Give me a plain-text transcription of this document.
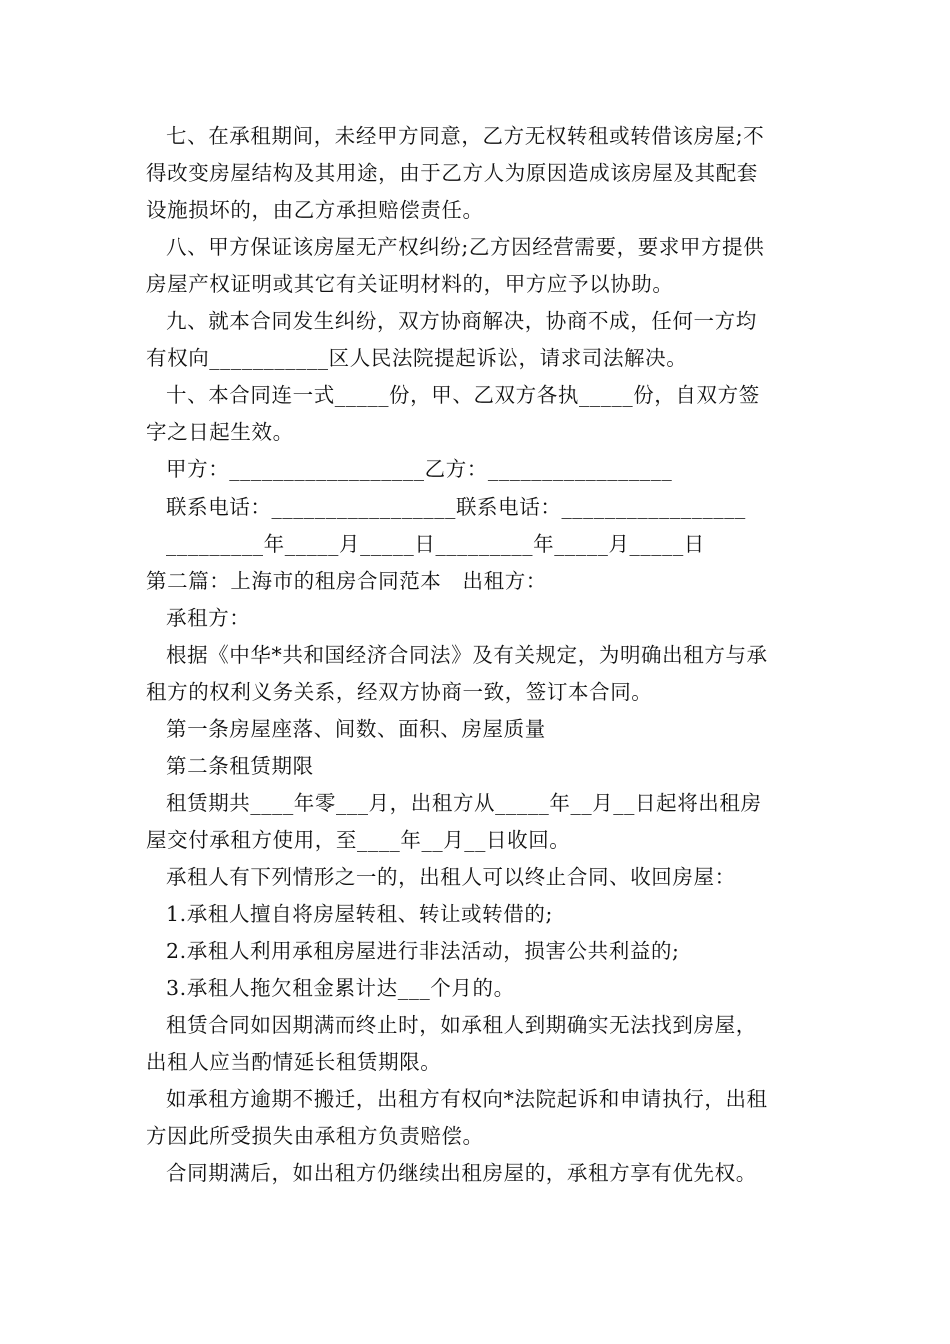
七、在承租期间，未经甲方同意，乙方无权转租或转借该房屋;不
得改变房屋结构及其用途，由于乙方人为原因造成该房屋及其配套
设施损坏的，由乙方承担赔偿责任。
八、甲方保证该房屋无产权纠纷;乙方因经营需要，要求甲方提供
房屋产权证明或其它有关证明材料的，甲方应予以协助。
九、就本合同发生纠纷，双方协商解决，协商不成，任何一方均
有权向___________区人民法院提起诉讼，请求司法解决。
十、本合同连一式_____份，甲、乙双方各执_____份，自双方签
字之日起生效。
甲方：__________________乙方：_________________
联系电话：_________________联系电话：_________________
_________年_____月_____日_________年_____月_____日
第二篇：上海市的租房合同范本　出租方：
承租方：
根据《中华*共和国经济合同法》及有关规定，为明确出租方与承
租方的权利义务关系，经双方协商一致，签订本合同。
第一条房屋座落、间数、面积、房屋质量
第二条租赁期限
租赁期共____年零___月，出租方从_____年__月__日起将出租房
屋交付承租方使用，至____年__月__日收回。
承租人有下列情形之一的，出租人可以终止合同、收回房屋：
1.承租人擅自将房屋转租、转让或转借的;
2.承租人利用承租房屋进行非法活动，损害公共利益的;
3.承租人拖欠租金累计达___个月的。
租赁合同如因期满而终止时，如承租人到期确实无法找到房屋，
出租人应当酌情延长租赁期限。
如承租方逾期不搬迁，出租方有权向*法院起诉和申请执行，出租
方因此所受损失由承租方负责赔偿。
合同期满后，如出租方仍继续出租房屋的，承租方享有优先权。
